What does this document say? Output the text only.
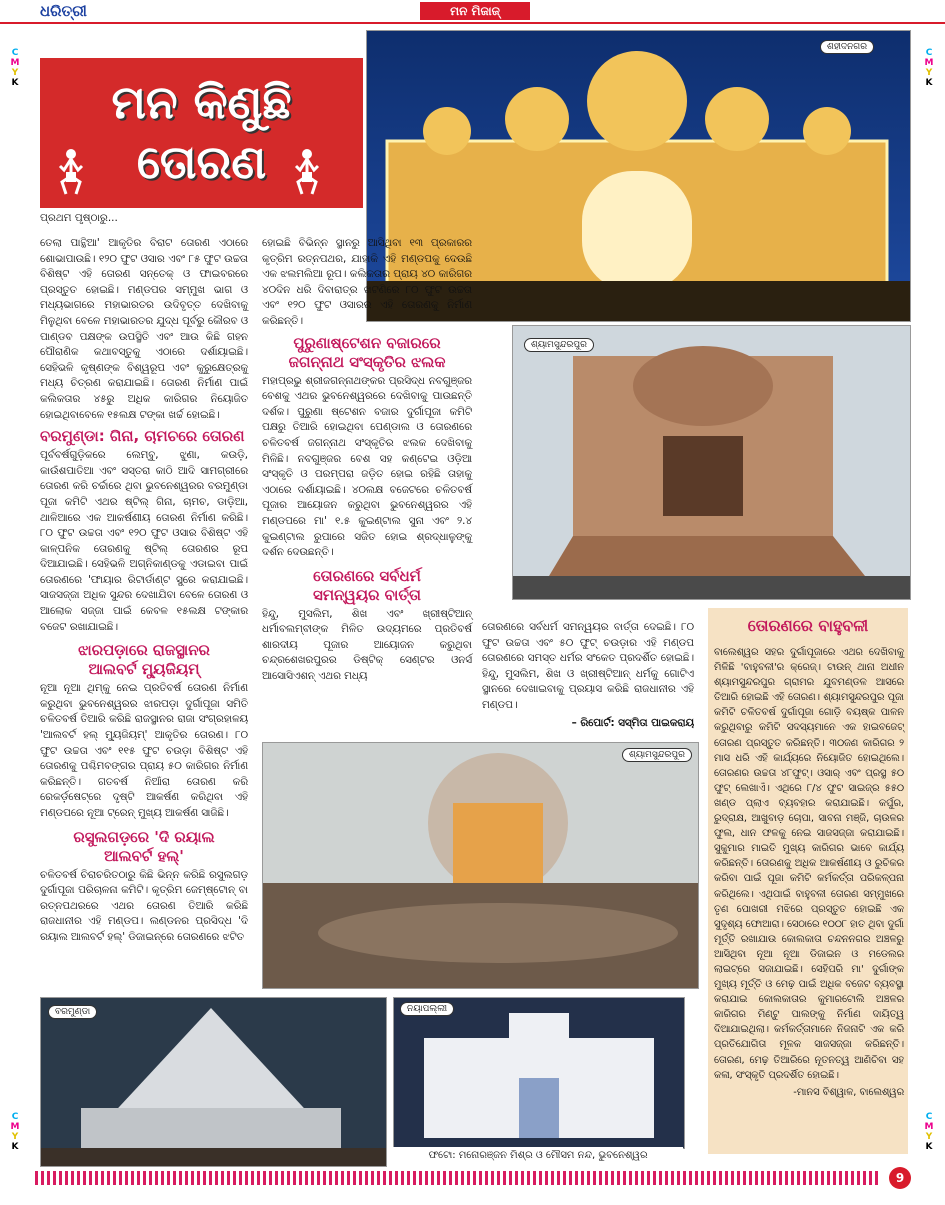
ଧରିତ୍ରୀ	ମନ ମିଜାଜ୍
C
M
Y
K
C
M
Y
K
C
M
Y
K
C
M
Y
K
ମନ କିଣୁଛି
ତୋରଣ
ପ୍ରଥମ ପୃଷ୍ଠାରୁ...
ଶହୀଦନଗର
ଶ୍ୟାମସୁନ୍ଦରପୁର
ତେଲା ପାନ୍ଥିଆ' ଆକୃତିର ବିରାଟ ତୋରଣ ଏଠାରେ ଶୋଭାପାଉଛି। ୧୨୦ ଫୁଟ ଓସାର ଏବଂ ୮୫ ଫୁଟ ଉଚ୍ଚତା ବିଶିଷ୍ଟ ଏହି ତୋରଣ ସନ୍ତେକ୍ ଓ ଫାଇବରରେ ପ୍ରସ୍ତୁତ ହୋଇଛି। ମଣ୍ଡପର ସମ୍ମୁଖ ଭାଗ ଓ ମଧ୍ୟଭାଗରେ ମହାଭାରତର ଉଦିବୃତ୍ତ ଦେଖିବାକୁ ମିଳୁଥିବା ବେଳେ ମହାଭାରତର ଯୁଦ୍ଧ ପୂର୍ବରୁ କୌରବ ଓ ପାଣ୍ଡବ ପକ୍ଷଙ୍କ ଉପସ୍ଥିତି ଏବଂ ଆଉ କିଛି ଗହନ ପୌରାଣିକ କଥାବସ୍ତୁକୁ ଏଠାରେ ଦର୍ଶାୟାଇଛି। ସେହିଭଳି କୃଷ୍ଣଙ୍କ ବିଶ୍ୱରୂପ ଏବଂ କୁରୁକ୍ଷେତ୍ରକୁ ମଧ୍ୟ ଚିତ୍ରଣ କରାଯାଇଛି। ତୋରଣ ନିର୍ମାଣ ପାଇଁ କଲିକତାର ୪୫ରୁ ଅଧିକ କାରିଗର ନିୟୋଜିତ ହୋଇଥିବାବେଳେ ୧୫ଲକ୍ଷ ଟଙ୍କା ଖର୍ଚ୍ଚ ହୋଇଛି।
ବରମୁଣ୍ଡା: ଗିନା, ଚାମଚରେ ତୋରଣ
ପୂର୍ବବର୍ଷଗୁଡ଼ିକରେ ଲେମ୍ବୁ, ଝୁଣା, କଉଡ଼ି, କାଉଁଶପାତିଆ ଏବଂ ସସ୍ତରା କାଠି ଆଦି ସାମଗ୍ରୀରେ ତୋରଣ କରି ଚର୍ଚ୍ଚାରେ ଥିବା ଭୁବନେଶ୍ୱରର ବରମୁଣ୍ଡା ପୂଜା କମିଟି ଏଥର ଷ୍ଟିଲ୍ ଗିନା, ଚାମଚ, ଡାଡ଼ିଆ, ଥାଳିଆରେ ଏକ ଆକର୍ଷଣୀୟ ତୋରଣ ନିର୍ମାଣ କରିଛି। ୮୦ ଫୁଟ ଉଚ୍ଚତା ଏବଂ ୧୨୦ ଫୁଟ ଓସାର ବିଶିଷ୍ଟ ଏହି କାଳ୍ପନିକ ତୋରଣକୁ ଷ୍ଟିଲ୍ ତୋରଣର ରୂପ ଦିଆଯାଇଛି। ସେହିଭଳି ଅଗ୍ନିକାଣ୍ଡକୁ ଏଡାଇବା ପାଇଁ ତୋରଣରେ 'ଫାୟାର ରିଟାର୍ଡାଣ୍ଟ ସ୍ପ୍ରେ କରାଯାଇଛି। ସାଜସଜ୍ଜା ଅଧିକ ସୁନ୍ଦର ଦେଖାଯିବା ବେଳେ ତୋରଣ ଓ ଆଲୋକ ସଜ୍ଜା ପାଇଁ କେବଳ ୧୫ଲକ୍ଷ ଟଙ୍କାର ବଜେଟ ରଖାଯାଇଛି।
ଝାରପଡ଼ାରେ ରାଜସ୍ଥାନର
ଆଲବର୍ଟ ମ୍ୟୁଜିୟମ୍
ନୂଆ ନୂଆ ଥିମ୍‌କୁ ନେଇ ପ୍ରତିବର୍ଷ ତୋରଣ ନିର୍ମାଣ କରୁଥିବା ଭୁବନେଶ୍ୱରର ଝାରପଡ଼ା ଦୁର୍ଗାପୂଜା ସମିତି ଚଳିତବର୍ଷ ତିଆରି କରିଛି ରାଜସ୍ଥାନର ରାଜା ସଂଗ୍ରହାଳୟ 'ଆଲବର୍ଟ ହଲ୍ ମ୍ୟୁଜିୟମ୍' ଆକୃତିର ତୋରଣ। ୮୦ ଫୁଟ ଉଚ୍ଚତା ଏବଂ ୧୧୫ ଫୁଟ ଚଉଡ଼ା ବିଶିଷ୍ଟ ଏହି ତୋରଣକୁ ପଶ୍ଚିମବଙ୍ଗର ପ୍ରାୟ ୫୦ କାରିଗର ନିର୍ମାଣ କରିଛନ୍ତି। ଗତବର୍ଷ ନିଆଁରା ତୋରଣ କରି ରେକର୍ଡ଼ଷେଟ୍‌ରେ ଦୃଷ୍ଟି ଆକର୍ଷଣ କରିଥିବା ଏହି ମଣ୍ଡପରେ ନୂଆ ଟ୍ରେନ୍ ମୁଖ୍ୟ ଆକର୍ଷଣ ସାଜିଛି।
ରସୁଲଗଡ଼ରେ 'ଦି ରୟାଲ
ଆଲବର୍ଟ ହଲ୍'
ଚଳିତବର୍ଷ ଚିରାଚରିତଠାରୁ କିଛି ଭିନ୍ନ କରିଛି ରସୁଲଗଡ଼ ଦୁର୍ଗାପୂଜା ପରିଚାଳନା କମିଟି। କୃତ୍ରିମ ଜେମ୍‌ଷ୍ଟୋନ୍ ବା ରତ୍ନପଥରରେ ଏଥର ତୋରଣ ତିଆରି କରିଛି ରାଜଧାନୀର ଏହି ମଣ୍ଡପ। ଲଣ୍ଡନର ପ୍ରସିଦ୍ଧ 'ଦି ରୟାଲ ଆଲବର୍ଟ ହଲ୍' ଡିଜାଇନ୍‌ରେ ତୋରଣରେ ଝଟିତ
ହୋଇଛି ବିଭିନ୍ନ ସ୍ଥାନରୁ ଆସିଥିବା ୧୩ ପ୍ରକାରର କୃତ୍ରିମ ରତ୍ନପଥର, ଯାହାକି ଏହି ମଣ୍ଡପକୁ ଦେଉଛି ଏକ ଝଲମଲିଆ ରୂପ। କଲିକତାର ପ୍ରାୟ ୪୦ କାରିଗର ୪୦ଦିନ ଧରି ଦିବାରାତ୍ର ଖଟଣିରେ ୮୦ ଫୁଟ ଉଚ୍ଚତା ଏବଂ ୧୨୦ ଫୁଟ ଓସାରର ଏହି ତୋରଣକୁ ନିର୍ମାଣ କରିଛନ୍ତି।
ପୁରୁଣାଷ୍ଟେଶନ ବଜାରରେ
ଜଗନ୍ନାଥ ସଂସ୍କୃତିର ଝଲକ
ମହାପ୍ରଭୁ ଶ୍ରୀଜଗନ୍ନାଥଙ୍କର ପ୍ରସିଦ୍ଧ ନବଗୁଞ୍ଜର ବେଶକୁ ଏଥର ଭୁବନେଶ୍ୱରରେ ଦେଖିବାକୁ ପାଉଛନ୍ତି ଦର୍ଶକ। ପୁରୁଣା ଷ୍ଟେଶନ ବଜାର ଦୁର୍ଗାପୂଜା କମିଟି ପକ୍ଷରୁ ତିଆରି ହୋଇଥିବା ପେଣ୍ଡାଲ ଓ ତୋରଣରେ ଚଳିତବର୍ଷ ଜଗନ୍ନାଥ ସଂସ୍କୃତିର ଝଲକ ଦେଖିବାକୁ ମିଳିଛି। ନବଗୁଞ୍ଜର ବେଶ ସହ କଣ୍ଟେଇ ଓଡ଼ିଆ ସଂସ୍କୃତି ଓ ପରମ୍ପରା ଜଡ଼ିତ ହୋଇ ରହିଛି ତାହାକୁ ଏଠାରେ ଦର୍ଶାୟାଇଛି। ୪୦ଲକ୍ଷ ବଜେଟରେ ଚଳିତବର୍ଷ ପୂଜାର ଆୟୋଜନ କରୁଥିବା ଭୁବନେଶ୍ୱରର ଏହି ମଣ୍ଡପରେ ମା' ୧.୫ କୁଇଣ୍ଟାଲ ସୁନା ଏବଂ ୨.୪ କୁଇଣ୍ଟାଲ ରୁପାରେ ସଜିତ ହୋଇ ଶ୍ରଦ୍ଧାଳୁଙ୍କୁ ଦର୍ଶନ ଦେଉଛନ୍ତି।
ତୋରଣରେ ସର୍ବଧର୍ମ
ସମନ୍ୱୟର ବାର୍ତ୍ତା
ହିନ୍ଦୁ, ମୁସଲିମ, ଶିଖ ଏବଂ ଖ୍ରୀଷ୍ଟିଆନ୍ ଧର୍ମାବଲମ୍ବୀଙ୍କ ମିଳିତ ଉଦ୍ୟମରେ ପ୍ରତିବର୍ଷ ଶାରଦୀୟ ପୂଜାର ଆୟୋଜନ କରୁଥିବା ଚନ୍ଦ୍ରଶେଖରପୁରର ଡିଷ୍ଟିକ୍ ସେଣ୍ଟର ଓନର୍ସ ଆସୋସିଏଶନ୍ ଏଥର ମଧ୍ୟ
ତୋରଣରେ ସର୍ବଧର୍ମ ସମନ୍ୱୟର ବାର୍ତ୍ତା ଦେଇଛି। ୮୦ ଫୁଟ ଉଚ୍ଚତା ଏବଂ ୫୦ ଫୁଟ୍ ଚଉଡ଼ାର ଏହି ମଣ୍ଡପ ତୋରଣରେ ସମସ୍ତ ଧର୍ମର ସଂକେତ ପ୍ରଦର୍ଶିତ ହୋଇଛି। ହିନ୍ଦୁ, ମୁସଲିମ, ଶିଖ ଓ ଖ୍ରୀଷ୍ଟିଆନ୍ ଧର୍ମକୁ ଗୋଟିଏ ସ୍ଥାନରେ ଦେଖାଇବାକୁ ପ୍ରୟାସ କରିଛି ରାଜଧାନୀର ଏହି ମଣ୍ଡପ।
– ରିପୋର୍ଟ: ସସ୍ମିତା ପାଇକରାୟ
ଶ୍ୟାମସୁନ୍ଦରପୁର
ତୋରଣରେ ବାହୁବଳୀ
ବାଲେଶ୍ୱର ସହର ଦୁର୍ଗାପୂଜାରେ ଏଥର ଦେଖିବାକୁ ମିଳିଛି 'ବାହୁବଳୀ'ର କ୍ରେଜ୍। ଟାଉନ୍ ଥାନା ଅଧୀନ ଶ୍ୟାମସୁନ୍ଦରପୁର ଗ୍ରାମର ଯୁବମଣ୍ଡଳ ଆସରେ ତିଆରି ହୋଇଛି ଏହି ତୋରଣ। ଶ୍ୟାମସୁନ୍ଦରପୁର ପୂଜା କମିଟି ଚଳିତବର୍ଷ ଦୁର୍ଗାପୂଜା ଗୋଡ଼ି ବୟଷ୍କ ପାଳନ କରୁଥିବାରୁ କମିଟି ସଦସ୍ୟମାନେ ଏକ ହାଇବଜେଟ୍ ତୋରଣ ପ୍ରସ୍ତୁତ କରିଛନ୍ତି। ୩୦ଜଣ କାରିଗର ୨ ମାସ ଧରି ଏହି କାର୍ଯ୍ୟରେ ନିୟୋଜିତ ହୋଇଥିଲେ। ତୋରଣର ଉଚ୍ଚତା ୪୮ଫୁଟ୍। ଓସାର୍ ଏବଂ ପ୍ରସ୍ଥ ୫୦ ଫୁଟ୍ ଲେଖାଏଁ। ଏଥିରେ ୮/୪ ଫୁଟ ସାଇଜ୍‌ର ୫୫୦ ଖଣ୍ଡ ପ୍ଲାଏ ବ୍ୟବହାର କରାଯାଇଛି। କର୍ପୁର, ରୁଦ୍ରାକ୍ଷ, ଆଖୁବାଡ଼ ଚୋପା, ସାବନା ମଞ୍ଜି, ଚାଉଳର ଫୁଲ, ଧାନ ଫଳକୁ ନେଇ ସାଜସଜ୍ଜା କରାଯାଇଛି। ସୁକୁମାର ମାଇତି ମୁଖ୍ୟ କାରିଗର ଭାବେ କାର୍ଯ୍ୟ କରିଛନ୍ତି। ତୋରଣକୁ ଅଧିକ ଆକର୍ଷଣୀୟ ଓ ରୁଚିକର କରିବା ପାଇଁ ପୂଜା କମିଟି କର୍ମକର୍ତ୍ତା ପରିକଳ୍ପନା କରିଥିଲେ। ଏଥିପାଇଁ ବାହୁବଳୀ ତୋରଣ ସମ୍ମୁଖରେ ତୃଣ ପୋଖରୀ ମଝିରେ ପ୍ରସ୍ତୁତ ହୋଇଛି ଏକ ସୁଦୃଶ୍ୟ ଫୋଆରା। ସେଠାରେ ୧୦୦୮ ହାତ ଥିବା ଦୁର୍ଗା ମୂର୍ତ୍ତି ରଖାଯାଉ କୋଲକାତା ଚନ୍ଦନନଗର ଅଞ୍ଚଳରୁ ଆସିଥିବା ନୂଆ ନୂଆ ଡିଜାଇନ ଓ ମଡେଲର ଲାଇଟ୍‌ରେ ସଜାଯାଇଛି। ସେହିପରି ମା' ଦୁର୍ଗାଙ୍କ ମୁଖ୍ୟ ମୂର୍ତ୍ତି ଓ ମେଢ଼ ପାଇଁ ଅଧିକ ବଜେଟ ବ୍ୟବସ୍ଥା କରାଯାଇ କୋଲକାତାର କୁମାରଟୋଲି ଅଞ୍ଚଳର କାରିଗର ମିଣ୍ଟୁ ପାଲଙ୍କୁ ନିର୍ମାଣ ଦାୟିତ୍ୱ ଦିଆଯାଇଥିଲା। କର୍ମକର୍ତ୍ତାମାନେ ନିଜନାଟି ଏକ କରି ପ୍ରତିଯୋଗିତା ମୂଳକ ସାଜସଜ୍ଜା କରିଛନ୍ତି। ତୋରଣ, ମେଢ଼ ତିଆରିରେ ନୂତନତ୍ୱ ଆଣିଚିବା ସହ କଳା, ସଂସ୍କୃତି ପ୍ରଦର୍ଶିତ ହୋଇଛି।
-ମାନସ ବିଶ୍ୱାଳ, ବାଲେଶ୍ୱର
ବରମୁଣ୍ଡା	ନୟାପଲ୍ଲୀ
ଫଟୋ: ମନୋରଞ୍ଜନ ମିଶ୍ର ଓ ମୌସମ ନନ୍ଦ, ଭୁବନେଶ୍ୱର
9
